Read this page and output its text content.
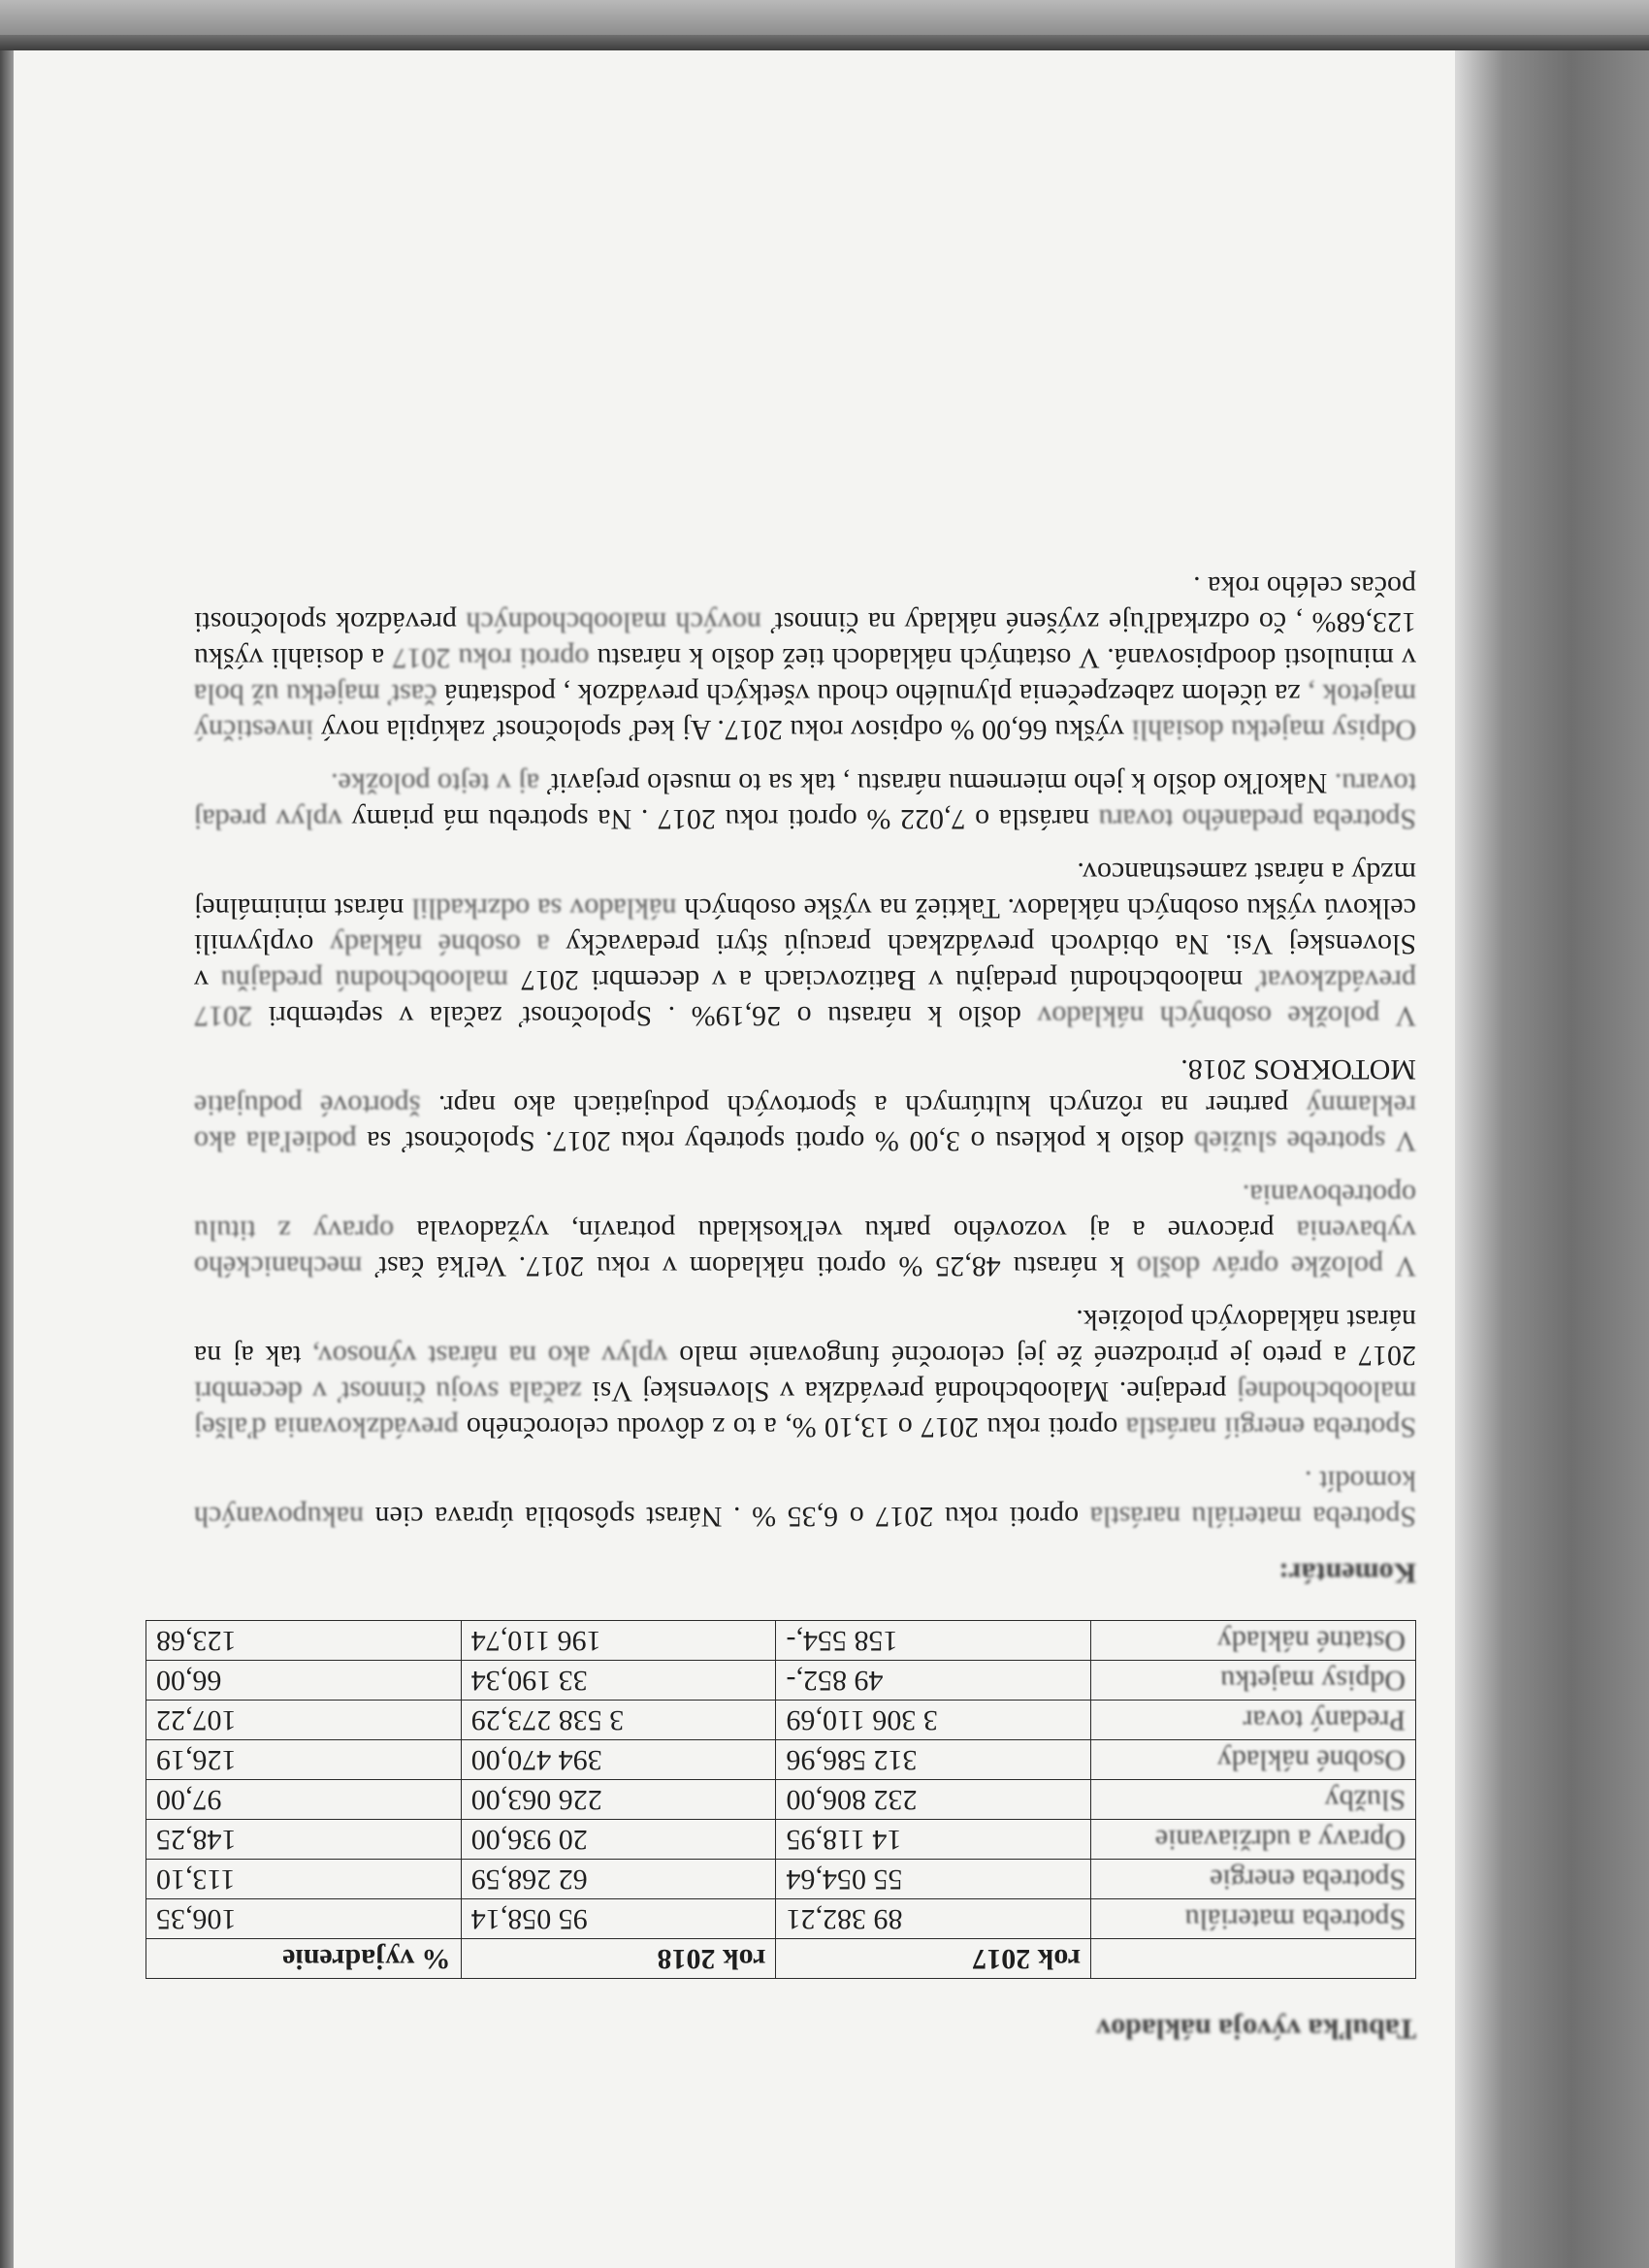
Tabuľka vývoja nákladov
	rok 2017	rok 2018	% vyjadrenie
Spotreba materiálu	89 382,21	95 058,14	106,35
Spotreba energie	55 054,64	62 268,59	113,10
Opravy a udržiavanie	14 118,95	20 936,00	148,25
Služby	232 806,00	226 063,00	97,00
Osobné náklady	312 586,96	394 470,00	126,19
Predaný tovar	3 306 110,69	3 538 273,29	107,22
Odpisy majetku	49 852,-	33 190,34	66,00
Ostatné náklady	158 554,-	196 110,74	123,68
Komentár:

Spotreba materiálu narástla oproti roku 2017 o 6,35 % . Nárast spôsobila úprava cien nakupovaných komodít .

Spotreba energií narástla oproti roku 2017 o 13,10 %, a to z dôvodu celoročného prevádzkovania ďalšej maloobchodnej predajne. Maloobchodná prevádzka v Slovenskej Vsi začala svoju činnosť v decembri 2017 a preto je prirodzené že jej celoročné fungovanie malo vplyv ako na nárast výnosov, tak aj na nárast nákladových položiek.

V položke opráv došlo k nárastu 48,25 % oproti nákladom v roku 2017. Veľká časť mechanického vybavenia prácovne a aj vozového parku veľkoskladu potravín, vyžadovala opravy z titulu opotrebovania.

V spotrebe služieb došlo k poklesu o 3,00 % oproti spotreby roku 2017. Spoločnosť sa podieľala ako reklamný partner na rôznych kultúrnych a športových podujatiach ako napr. športové podujatie MOTOKROS 2018.

V položke osobných nákladov došlo k nárastu o 26,19% . Spoločnosť začala v septembri 2017 prevádzkovať maloobchodnú predajňu v Batizovciach a v decembri 2017 maloobchodnú predajňu v Slovenskej Vsi. Na obidvoch prevádzkach pracujú štyri predavačky a osobné náklady ovplyvnili celkovú výšku osobných nákladov. Taktiež na výške osobných nákladov sa odzrkadlil nárast minimálnej mzdy a nárast zamestnancov.

Spotreba predaného tovaru narástla o 7,022 % oproti roku 2017 . Na spotrebu má priamy vplyv predaj tovaru. Nakoľko došlo k jeho miernemu nárastu , tak sa to muselo prejaviť aj v tejto položke.

Odpisy majetku dosiahli výšku 66,00 % odpisov roku 2017. Aj keď spoločnosť zakúpila nový investičný majetok , za účelom zabezpečenia plynulého chodu všetkých prevádzok , podstatná časť majetku už bola v minulosti doodpisovaná. V ostatných nákladoch tiež došlo k nárastu oproti roku 2017 a dosiahli výšku 123,68% , čo odzrkadľuje zvýšené náklady na činnosť nových maloobchodných prevádzok spoločnosti počas celého roka .
